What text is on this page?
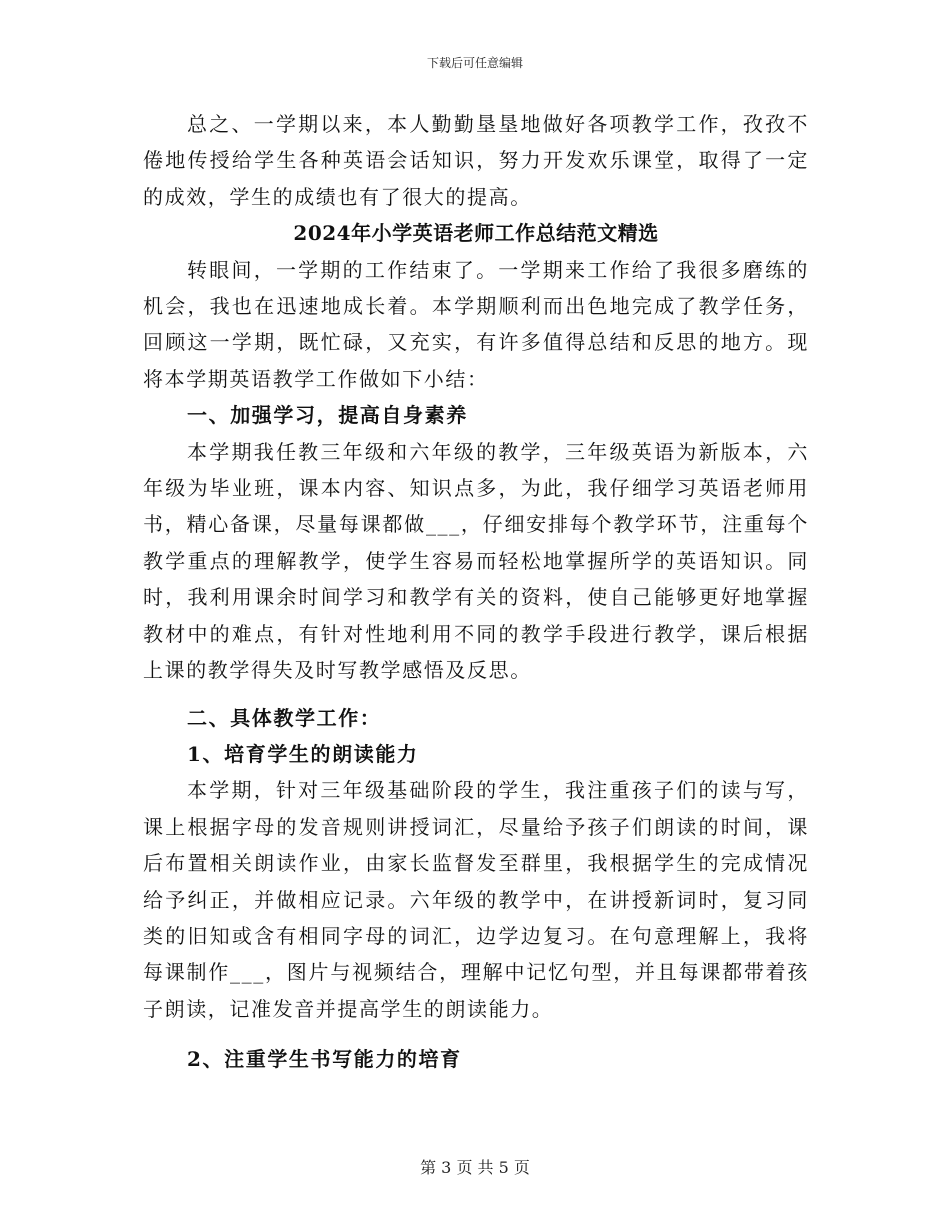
下载后可任意编辑

总之、一学期以来，本人勤勤垦垦地做好各项教学工作，孜孜不倦地传授给学生各种英语会话知识，努力开发欢乐课堂，取得了一定的成效，学生的成绩也有了很大的提高。

2024年小学英语老师工作总结范文精选

转眼间，一学期的工作结束了。一学期来工作给了我很多磨练的机会，我也在迅速地成长着。本学期顺利而出色地完成了教学任务，回顾这一学期，既忙碌，又充实，有许多值得总结和反思的地方。现将本学期英语教学工作做如下小结：

一、加强学习，提高自身素养

本学期我任教三年级和六年级的教学，三年级英语为新版本，六年级为毕业班，课本内容、知识点多，为此，我仔细学习英语老师用书，精心备课，尽量每课都做___，仔细安排每个教学环节，注重每个教学重点的理解教学，使学生容易而轻松地掌握所学的英语知识。同时，我利用课余时间学习和教学有关的资料，使自己能够更好地掌握教材中的难点，有针对性地利用不同的教学手段进行教学，课后根据上课的教学得失及时写教学感悟及反思。

二、具体教学工作：

1、培育学生的朗读能力

本学期，针对三年级基础阶段的学生，我注重孩子们的读与写，课上根据字母的发音规则讲授词汇，尽量给予孩子们朗读的时间，课后布置相关朗读作业，由家长监督发至群里，我根据学生的完成情况给予纠正，并做相应记录。六年级的教学中，在讲授新词时，复习同类的旧知或含有相同字母的词汇，边学边复习。在句意理解上，我将每课制作___，图片与视频结合，理解中记忆句型，并且每课都带着孩子朗读，记准发音并提高学生的朗读能力。

2、注重学生书写能力的培育

第 3 页 共 5 页
